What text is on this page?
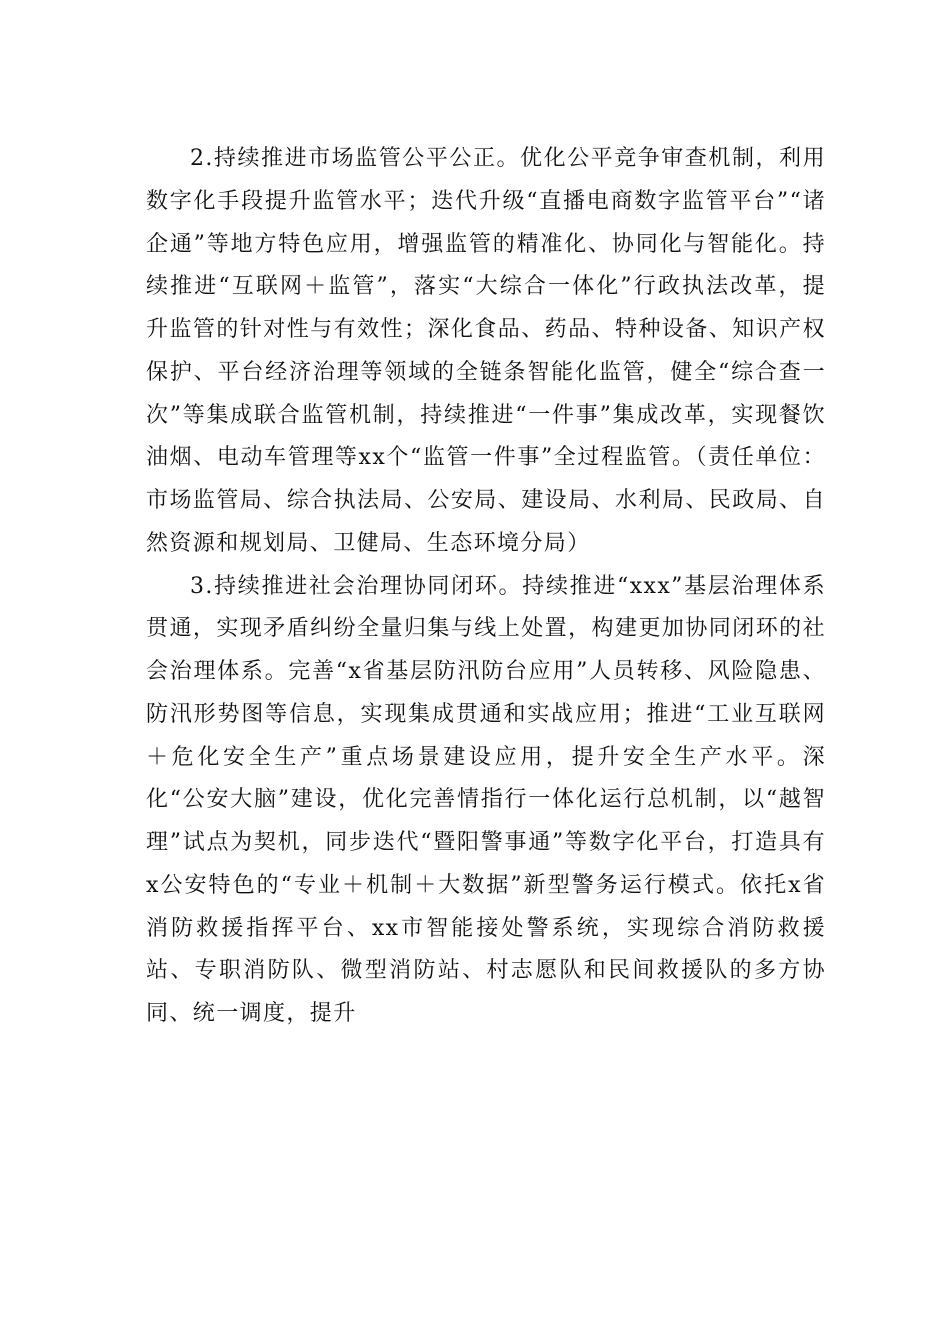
2.持续推进市场监管公平公正。优化公平竞争审查机制，利用数字化手段提升监管水平；迭代升级“直播电商数字监管平台”“诸企通”等地方特色应用，增强监管的精准化、协同化与智能化。持续推进“互联网＋监管”，落实“大综合一体化”行政执法改革，提升监管的针对性与有效性；深化食品、药品、特种设备、知识产权保护、平台经济治理等领域的全链条智能化监管，健全“综合查一次”等集成联合监管机制，持续推进“一件事”集成改革，实现餐饮油烟、电动车管理等xx个“监管一件事”全过程监管。（责任单位：市场监管局、综合执法局、公安局、建设局、水利局、民政局、自然资源和规划局、卫健局、生态环境分局）

3.持续推进社会治理协同闭环。持续推进“xxx”基层治理体系贯通，实现矛盾纠纷全量归集与线上处置，构建更加协同闭环的社会治理体系。完善“x省基层防汛防台应用”人员转移、风险隐患、防汛形势图等信息，实现集成贯通和实战应用；推进“工业互联网＋危化安全生产”重点场景建设应用，提升安全生产水平。深化“公安大脑”建设，优化完善情指行一体化运行总机制，以“越智理”试点为契机，同步迭代“暨阳警事通”等数字化平台，打造具有x公安特色的“专业＋机制＋大数据”新型警务运行模式。依托x省消防救援指挥平台、xx市智能接处警系统，实现综合消防救援站、专职消防队、微型消防站、村志愿队和民间救援队的多方协同、统一调度，提升
